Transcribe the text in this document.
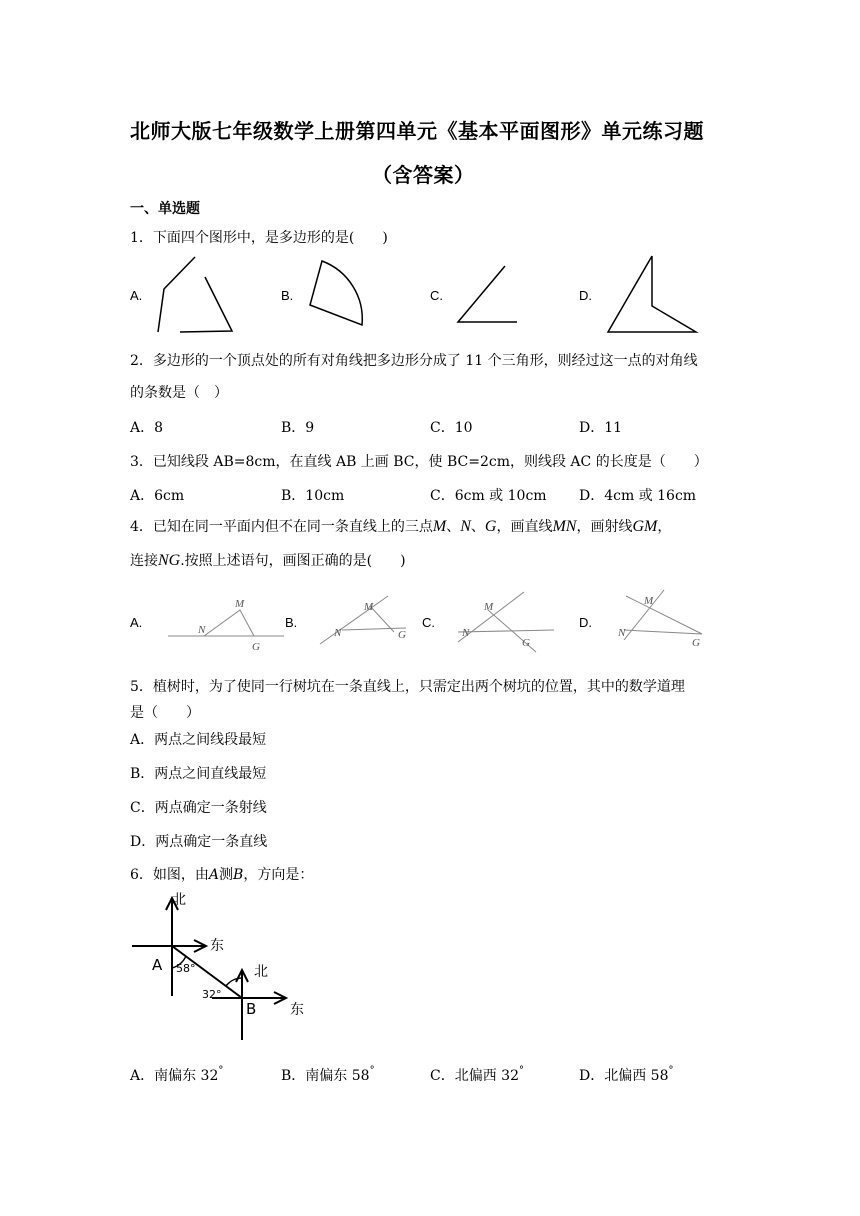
北师大版七年级数学上册第四单元《基本平面图形》单元练习题
（含答案）
一、单选题
1．下面四个图形中，是多边形的是(　　)
A.	B.	C.	D.
2．多边形的一个顶点处的所有对角线把多边形分成了 11 个三角形，则经过这一点的对角线
的条数是（　）
A．8	B．9	C．10	D．11
3．已知线段 AB=8cm，在直线 AB 上画 BC，使 BC=2cm，则线段 AC 的长度是（　　）
A．6cm	B．10cm	C．6cm 或 10cm D．4cm 或 16cm
4．已知在同一平面内但不在同一条直线上的三点M、N、G，画直线MN，画射线GM，
连接NG.按照上述语句，画图正确的是(　　)
A.	B.	C.	D.
N
M
G
N
M
G	N
M
G
M
N
G
5．植树时，为了使同一行树坑在一条直线上，只需定出两个树坑的位置，其中的数学道理
是（　　）
A．两点之间线段最短
B．两点之间直线最短
C．两点确定一条射线
D．两点确定一条直线
6．如图，由A测B，方向是：
北
东
北
东
A
B
58°
32°
A．南偏东 32°	B．南偏东 58°	C．北偏西 32°	D．北偏西 58°
